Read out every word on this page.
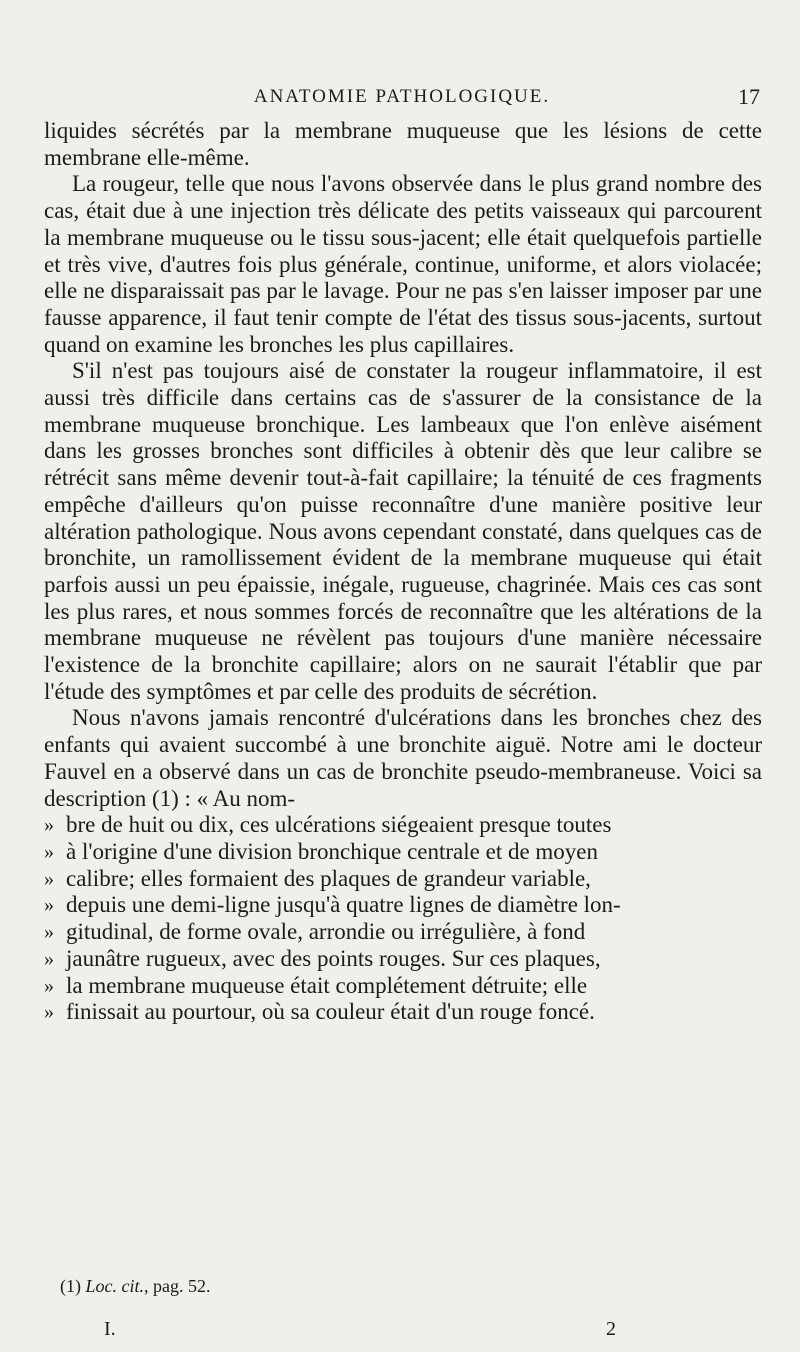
ANATOMIE PATHOLOGIQUE.	17

liquides sécrétés par la membrane muqueuse que les lésions de cette membrane elle-même.

La rougeur, telle que nous l'avons observée dans le plus grand nombre des cas, était due à une injection très délicate des petits vaisseaux qui parcourent la membrane muqueuse ou le tissu sous-jacent; elle était quelquefois partielle et très vive, d'autres fois plus générale, continue, uniforme, et alors violacée; elle ne disparaissait pas par le lavage. Pour ne pas s'en laisser imposer par une fausse apparence, il faut tenir compte de l'état des tissus sous-jacents, surtout quand on examine les bronches les plus capillaires.

S'il n'est pas toujours aisé de constater la rougeur inflammatoire, il est aussi très difficile dans certains cas de s'assurer de la consistance de la membrane muqueuse bronchique. Les lambeaux que l'on enlève aisément dans les grosses bronches sont difficiles à obtenir dès que leur calibre se rétrécit sans même devenir tout-à-fait capillaire; la ténuité de ces fragments empêche d'ailleurs qu'on puisse reconnaître d'une manière positive leur altération pathologique. Nous avons cependant constaté, dans quelques cas de bronchite, un ramollissement évident de la membrane muqueuse qui était parfois aussi un peu épaissie, inégale, rugueuse, chagrinée. Mais ces cas sont les plus rares, et nous sommes forcés de reconnaître que les altérations de la membrane muqueuse ne révèlent pas toujours d'une manière nécessaire l'existence de la bronchite capillaire; alors on ne saurait l'établir que par l'étude des symptômes et par celle des produits de sécrétion.

Nous n'avons jamais rencontré d'ulcérations dans les bronches chez des enfants qui avaient succombé à une bronchite aiguë. Notre ami le docteur Fauvel en a observé dans un cas de bronchite pseudo-membraneuse. Voici sa description (1) : « Au nom-

» bre de huit ou dix, ces ulcérations siégeaient presque toutes
» à l'origine d'une division bronchique centrale et de moyen
» calibre; elles formaient des plaques de grandeur variable,
» depuis une demi-ligne jusqu'à quatre lignes de diamètre lon-
» gitudinal, de forme ovale, arrondie ou irrégulière, à fond
» jaunâtre rugueux, avec des points rouges. Sur ces plaques,
» la membrane muqueuse était complétement détruite; elle
» finissait au pourtour, où sa couleur était d'un rouge foncé.
(1) Loc. cit., pag. 52.
I.	2
